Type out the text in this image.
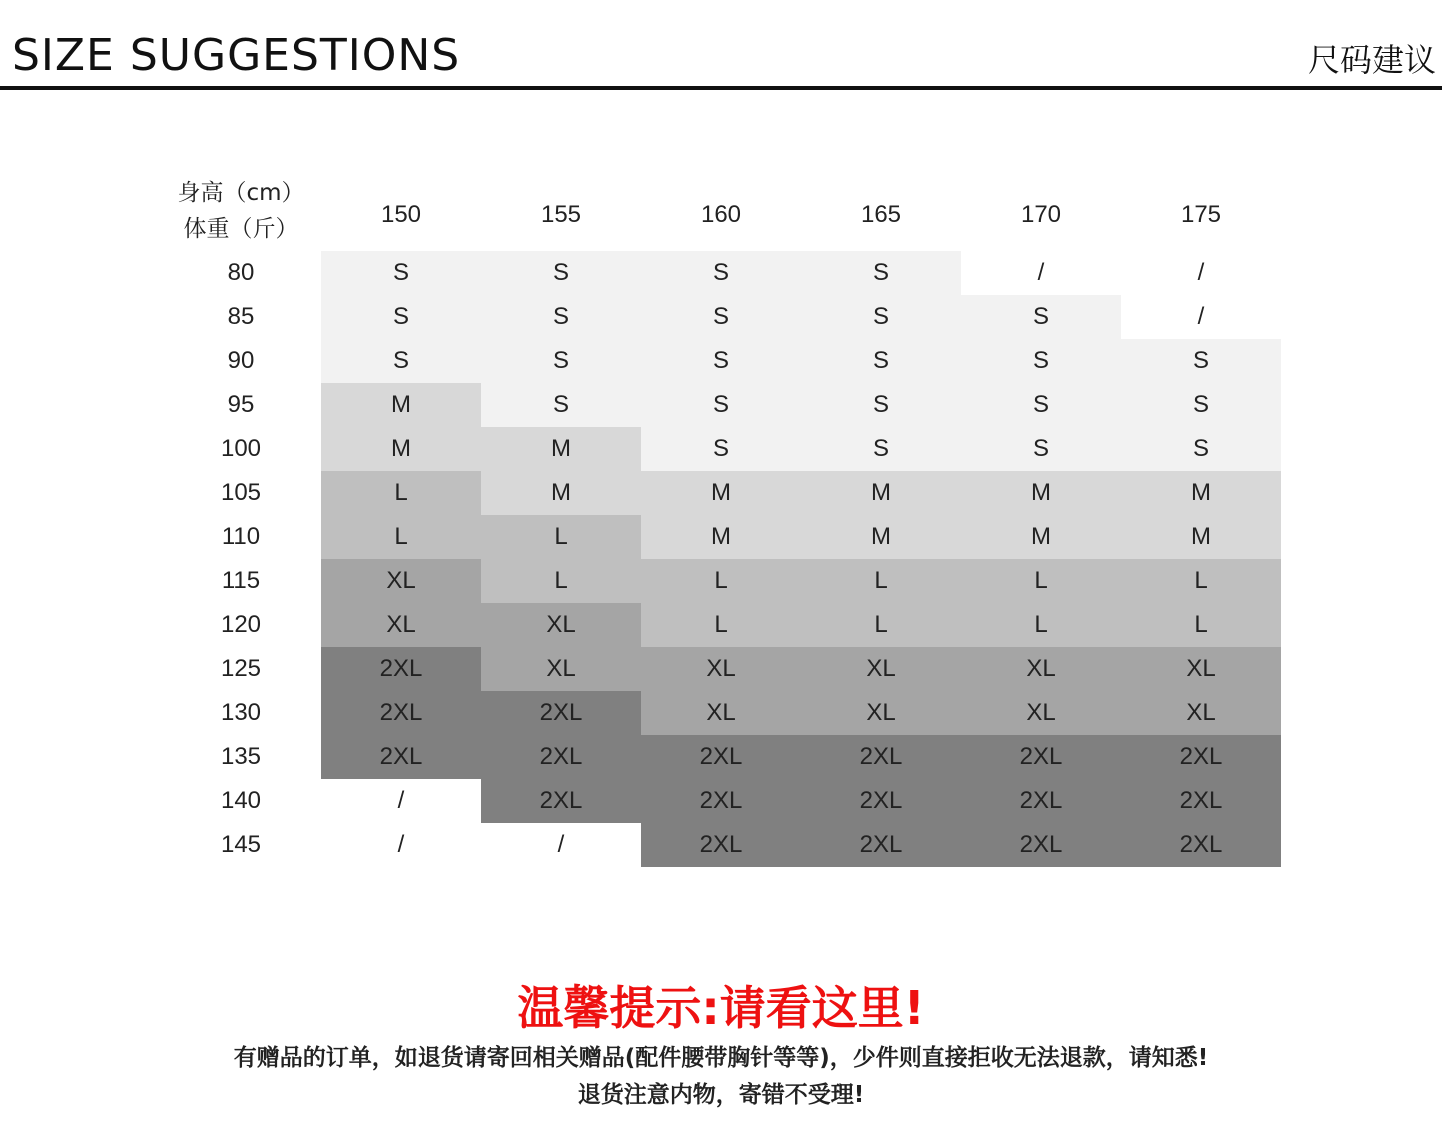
SIZE SUGGESTIONS	尺码建议
身高（cm）
体重（斤）
150	155	160	165	170	175
80	S	S	S	S	/	/
85	S	S	S	S	S	/
90	S	S	S	S	S	S
95	M	S	S	S	S	S
100	M	M	S	S	S	S
105	L	M	M	M	M	M
110	L	L	M	M	M	M
115	XL	L	L	L	L	L
120	XL	XL	L	L	L	L
125	2XL	XL	XL	XL	XL	XL
130	2XL	2XL	XL	XL	XL	XL
135	2XL	2XL	2XL	2XL	2XL	2XL
140	/	2XL	2XL	2XL	2XL	2XL
145	/	/	2XL	2XL	2XL	2XL
温馨提示:请看这里!
有赠品的订单，如退货请寄回相关赠品(配件腰带胸针等等)，少件则直接拒收无法退款，请知悉!
退货注意内物，寄错不受理!
